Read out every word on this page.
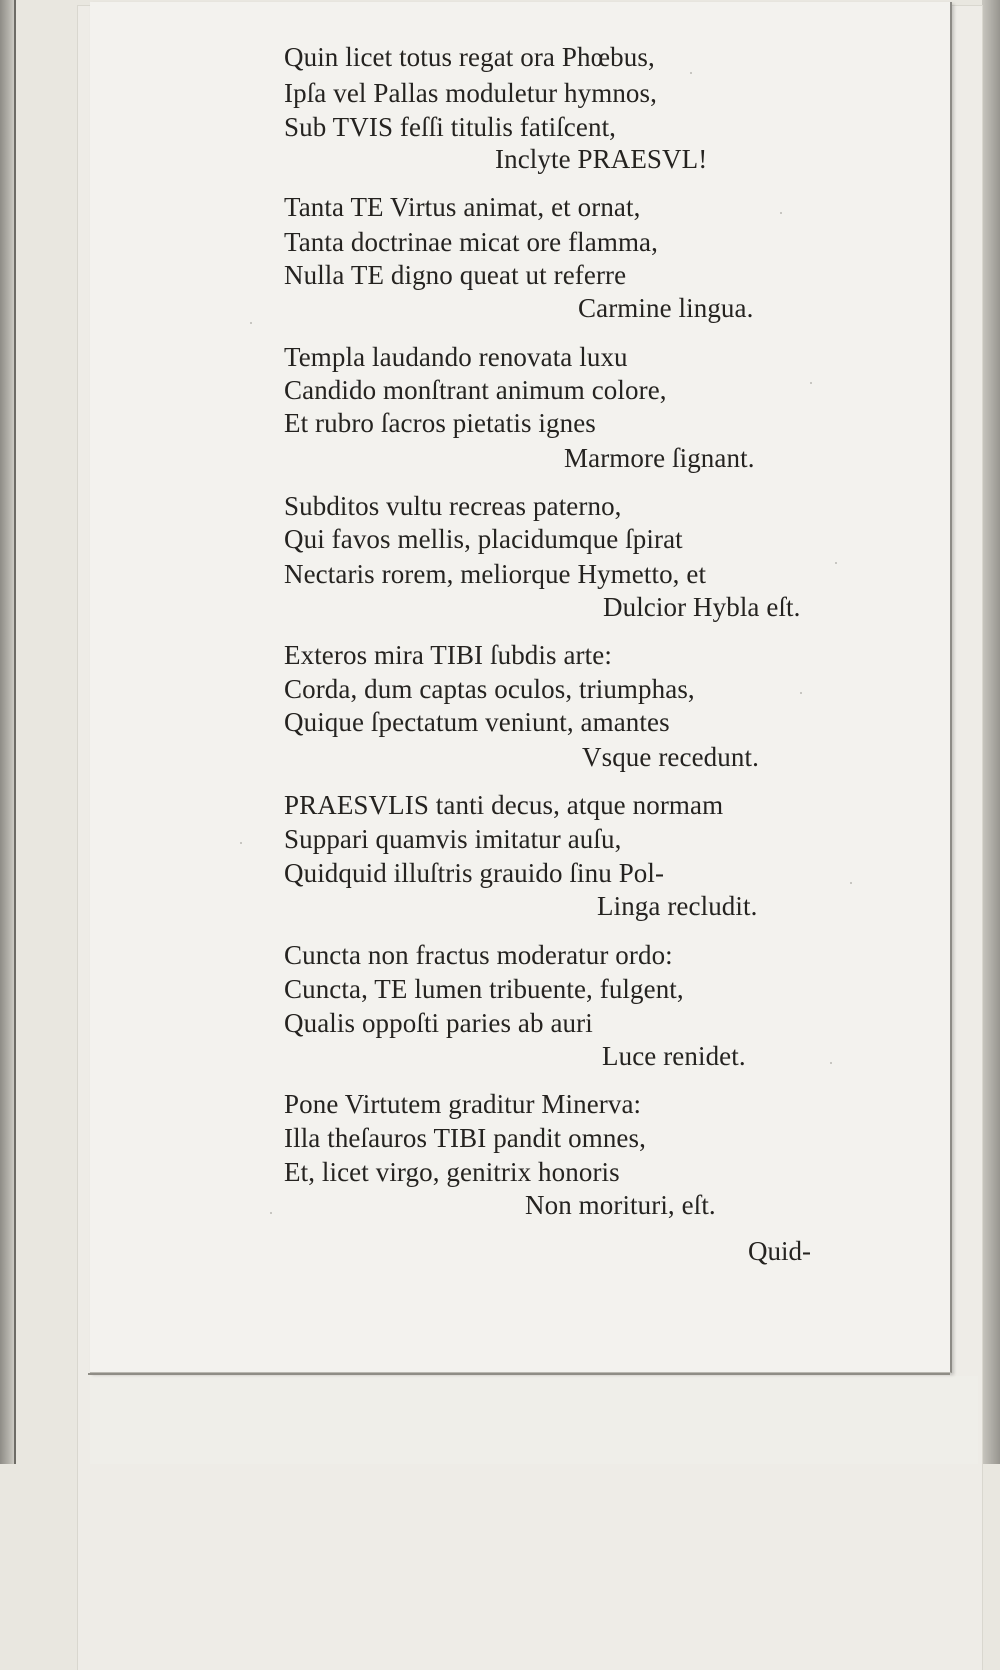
Quin licet totus regat ora Phœbus,
Ipſa vel Pallas moduletur hymnos,
Sub TVIS feſſi titulis fatiſcent,
Inclyte PRAESVL!
Tanta TE Virtus animat, et ornat,
Tanta doctrinae micat ore flamma,
Nulla TE digno queat ut referre
Carmine lingua.
Templa laudando renovata luxu
Candido monſtrant animum colore,
Et rubro ſacros pietatis ignes
Marmore ſignant.
Subditos vultu recreas paterno,
Qui favos mellis, placidumque ſpirat
Nectaris rorem, meliorque Hymetto, et
Dulcior Hybla eſt.
Exteros mira TIBI ſubdis arte:
Corda, dum captas oculos, triumphas,
Quique ſpectatum veniunt, amantes
Vsque recedunt.
PRAESVLIS tanti decus, atque normam
Suppari quamvis imitatur auſu,
Quidquid illuſtris grauido ſinu Pol-
Linga recludit.
Cuncta non fractus moderatur ordo:
Cuncta, TE lumen tribuente, fulgent,
Qualis oppoſti paries ab auri
Luce renidet.
Pone Virtutem graditur Minerva:
Illa theſauros TIBI pandit omnes,
Et, licet virgo, genitrix honoris
Non morituri, eſt.
Quid-
